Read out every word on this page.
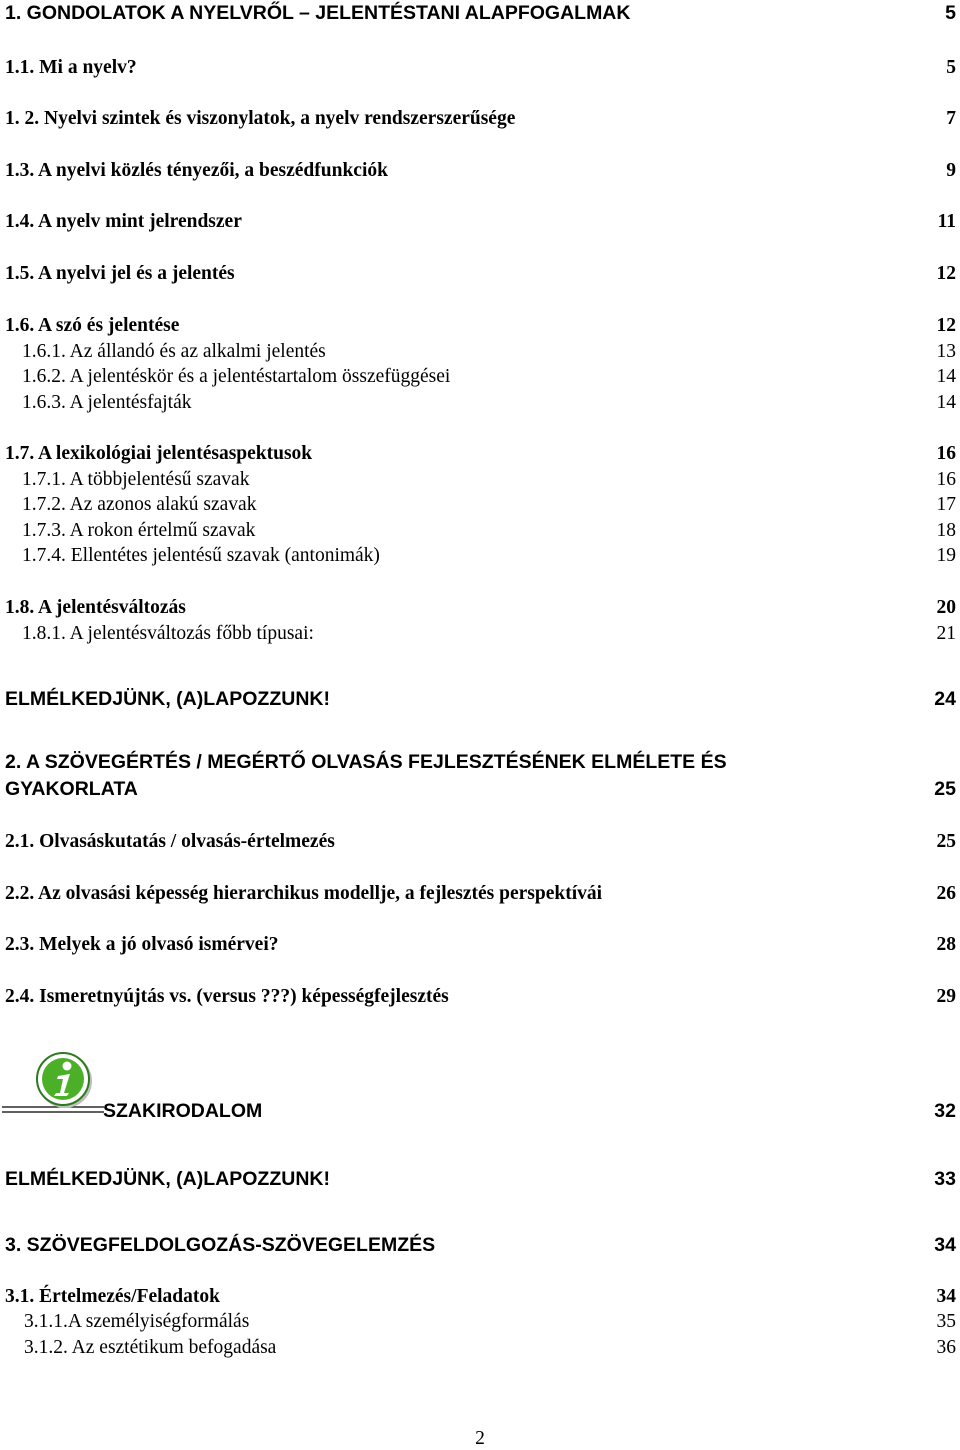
1. GONDOLATOK A NYELVRŐL – JELENTÉSTANI ALAPFOGALMAK	5
1.1. Mi a nyelv?	5
1. 2. Nyelvi szintek és viszonylatok, a nyelv rendszerszerűsége	7
1.3. A nyelvi közlés tényezői, a beszédfunkciók	9
1.4. A nyelv mint jelrendszer	11
1.5. A nyelvi jel és a jelentés	12
1.6. A szó és jelentése	12
1.6.1. Az állandó és az alkalmi jelentés	13
1.6.2. A jelentéskör és a jelentéstartalom összefüggései	14
1.6.3. A jelentésfajták	14
1.7. A lexikológiai jelentésaspektusok	16
1.7.1. A többjelentésű szavak	16
1.7.2. Az azonos alakú szavak	17
1.7.3. A rokon értelmű szavak	18
1.7.4. Ellentétes jelentésű szavak (antonimák)	19
1.8. A jelentésváltozás	20
1.8.1. A jelentésváltozás főbb típusai:	21
ELMÉLKEDJÜNK, (A)LAPOZZUNK!	24
2. A SZÖVEGÉRTÉS / MEGÉRTŐ OLVASÁS FEJLESZTÉSÉNEK ELMÉLETE ÉS
GYAKORLATA	25
2.1. Olvasáskutatás / olvasás-értelmezés	25
2.2. Az olvasási képesség hierarchikus modellje, a fejlesztés perspektívái	26
2.3. Melyek a jó olvasó ismérvei?	28
2.4. Ismeretnyújtás vs. (versus ???) képességfejlesztés	29
SZAKIRODALOM	32
ELMÉLKEDJÜNK, (A)LAPOZZUNK!	33
3. SZÖVEGFELDOLGOZÁS-SZÖVEGELEMZÉS	34
3.1. Értelmezés/Feladatok	34
3.1.1.A személyiségformálás	35
3.1.2. Az esztétikum befogadása	36
2
